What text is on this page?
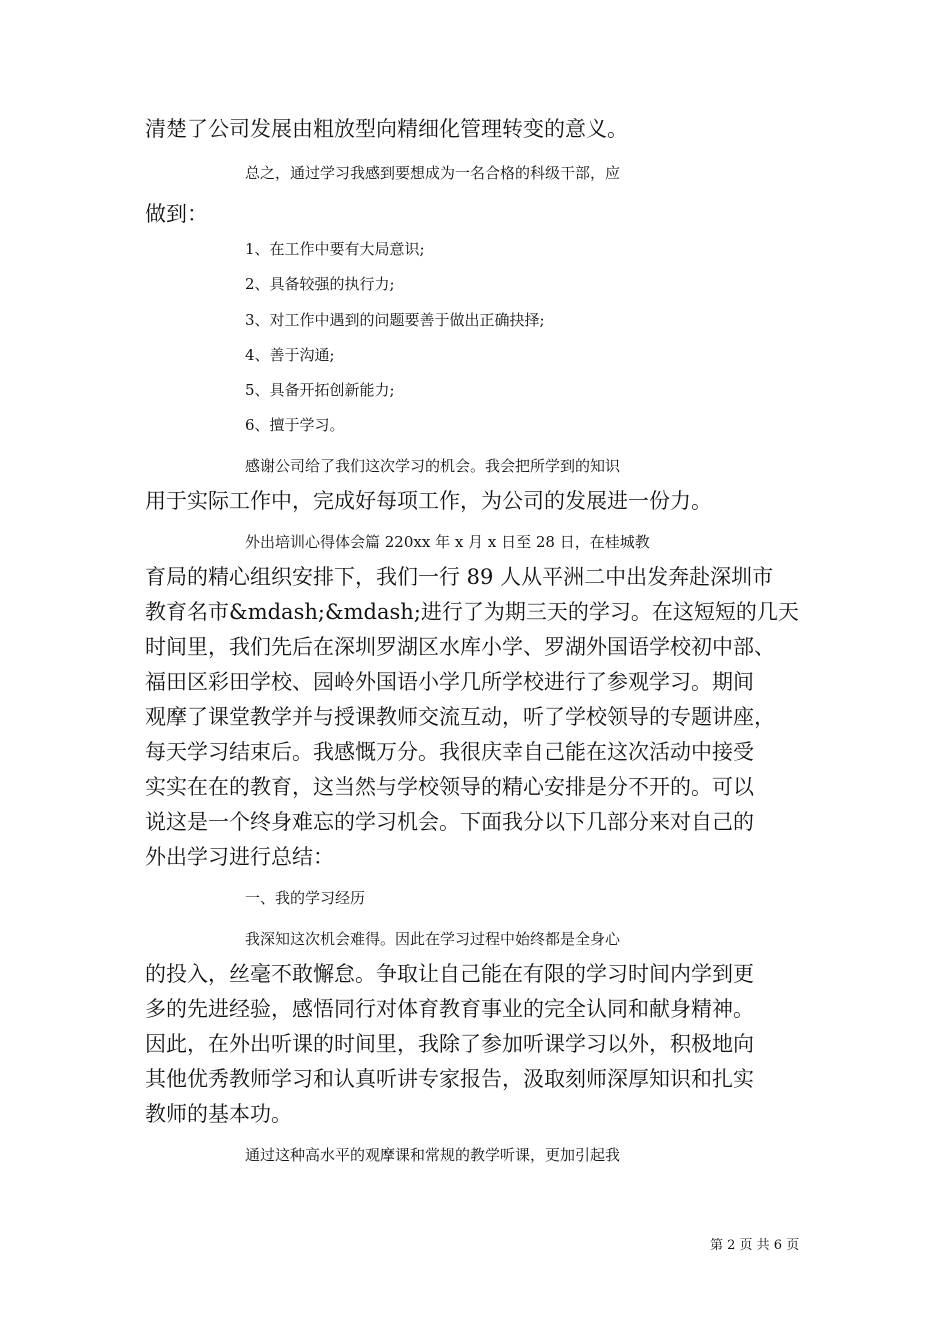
清楚了公司发展由粗放型向精细化管理转变的意义。
总之，通过学习我感到要想成为一名合格的科级干部，应
做到：
1、在工作中要有大局意识;
2、具备较强的执行力;
3、对工作中遇到的问题要善于做出正确抉择;
4、善于沟通;
5、具备开拓创新能力;
6、擅于学习。
感谢公司给了我们这次学习的机会。我会把所学到的知识
用于实际工作中，完成好每项工作，为公司的发展进一份力。
外出培训心得体会篇 220xx 年 x 月 x 日至 28 日，在桂城教
育局的精心组织安排下，我们一行 89 人从平洲二中出发奔赴深圳市
教育名市&mdash;&mdash;进行了为期三天的学习。在这短短的几天
时间里，我们先后在深圳罗湖区水库小学、罗湖外国语学校初中部、
福田区彩田学校、园岭外国语小学几所学校进行了参观学习。期间
观摩了课堂教学并与授课教师交流互动，听了学校领导的专题讲座，
每天学习结束后。我感慨万分。我很庆幸自己能在这次活动中接受
实实在在的教育，这当然与学校领导的精心安排是分不开的。可以
说这是一个终身难忘的学习机会。下面我分以下几部分来对自己的
外出学习进行总结：
一、我的学习经历
我深知这次机会难得。因此在学习过程中始终都是全身心
的投入，丝毫不敢懈怠。争取让自己能在有限的学习时间内学到更
多的先进经验，感悟同行对体育教育事业的完全认同和献身精神。
因此，在外出听课的时间里，我除了参加听课学习以外，积极地向
其他优秀教师学习和认真听讲专家报告，汲取刻师深厚知识和扎实
教师的基本功。
通过这种高水平的观摩课和常规的教学听课，更加引起我
第 2 页 共 6 页
